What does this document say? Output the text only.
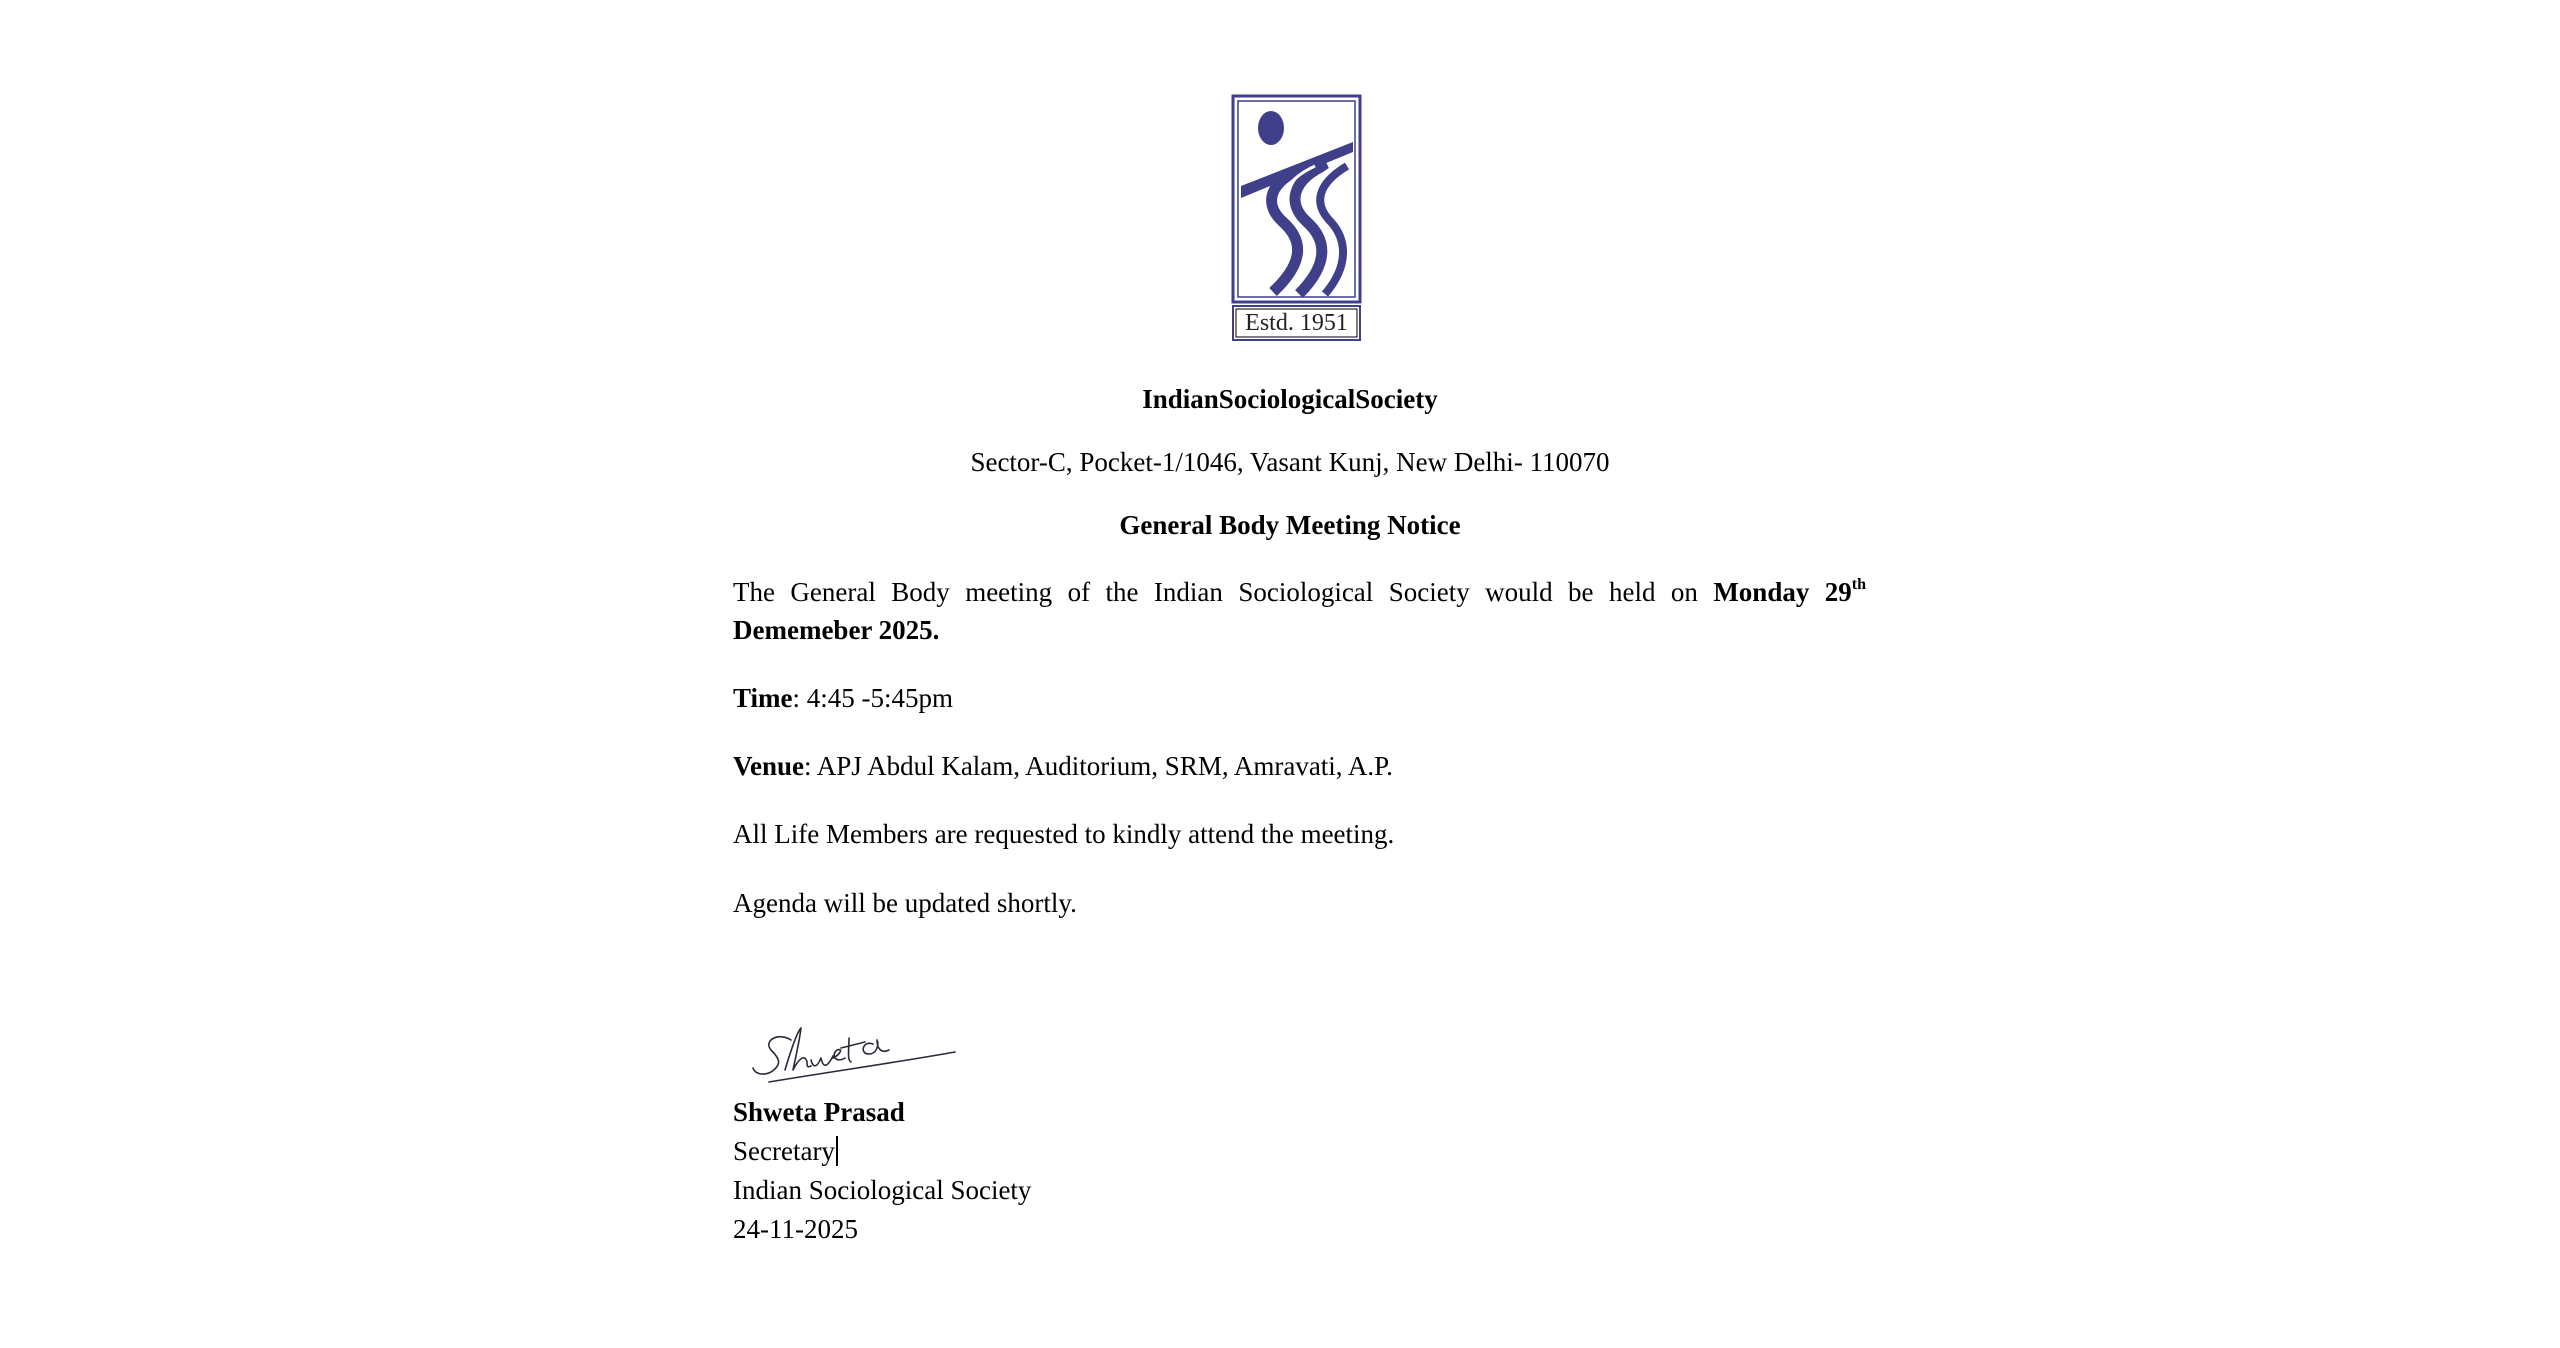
Estd. 1951
IndianSociologicalSociety
Sector-C, Pocket-1/1046, Vasant Kunj, New Delhi- 110070
General Body Meeting Notice
The General Body meeting of the Indian Sociological Society would be held on Monday 29th Dememeber 2025.
Time: 4:45 -5:45pm
Venue: APJ Abdul Kalam, Auditorium, SRM, Amravati, A.P.
All Life Members are requested to kindly attend the meeting.
Agenda will be updated shortly.
Shweta Prasad
Secretary
Indian Sociological Society
24-11-2025
